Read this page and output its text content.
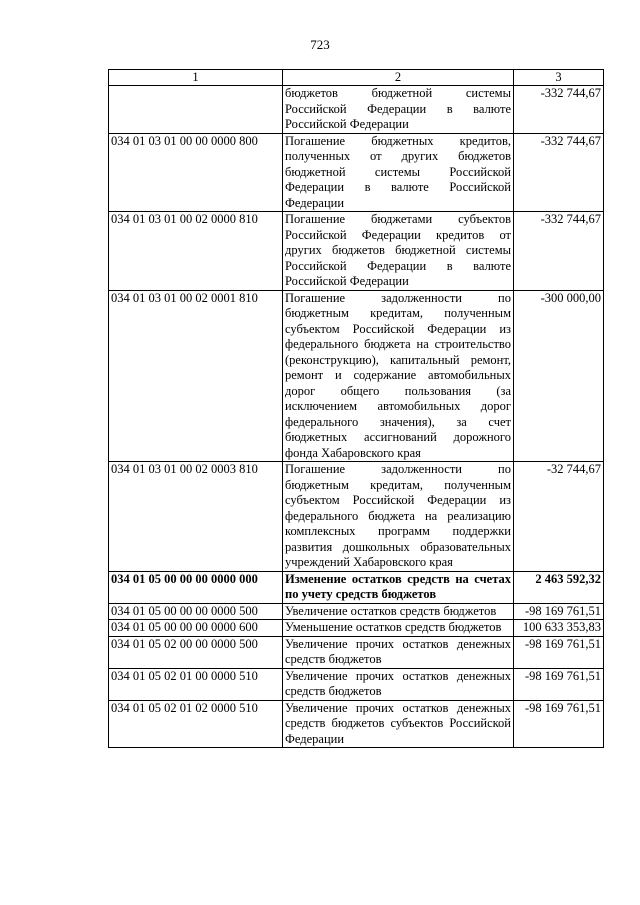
723
1	2	3
	бюджетов бюджетной системы Российской Федерации в валюте Российской Федерации	-332 744,67
034 01 03 01 00 00 0000 800	Погашение бюджетных кредитов, полученных от других бюджетов бюджетной системы Российской Федерации в валюте Российской Федерации	-332 744,67
034 01 03 01 00 02 0000 810	Погашение бюджетами субъектов Российской Федерации кредитов от других бюджетов бюджетной системы Российской Федерации в валюте Российской Федерации	-332 744,67
034 01 03 01 00 02 0001 810	Погашение задолженности по бюджетным кредитам, полученным субъектом Российской Федерации из федерального бюджета на строительство (реконструкцию), капитальный ремонт, ремонт и содержание автомобильных дорог общего пользования (за исключением автомобильных дорог федерального значения), за счет бюджетных ассигнований дорожного фонда Хабаровского края	-300 000,00
034 01 03 01 00 02 0003 810	Погашение задолженности по бюджетным кредитам, полученным субъектом Российской Федерации из федерального бюджета на реализацию комплексных программ поддержки развития дошкольных образовательных учреждений Хабаровского края	-32 744,67
034 01 05 00 00 00 0000 000	Изменение остатков средств на счетах по учету средств бюджетов	2 463 592,32
034 01 05 00 00 00 0000 500	Увеличение остатков средств бюджетов	-98 169 761,51
034 01 05 00 00 00 0000 600	Уменьшение остатков средств бюджетов	100 633 353,83
034 01 05 02 00 00 0000 500	Увеличение прочих остатков денежных средств бюджетов	-98 169 761,51
034 01 05 02 01 00 0000 510	Увеличение прочих остатков денежных средств бюджетов	-98 169 761,51
034 01 05 02 01 02 0000 510	Увеличение прочих остатков денежных средств бюджетов субъектов Российской Федерации	-98 169 761,51
